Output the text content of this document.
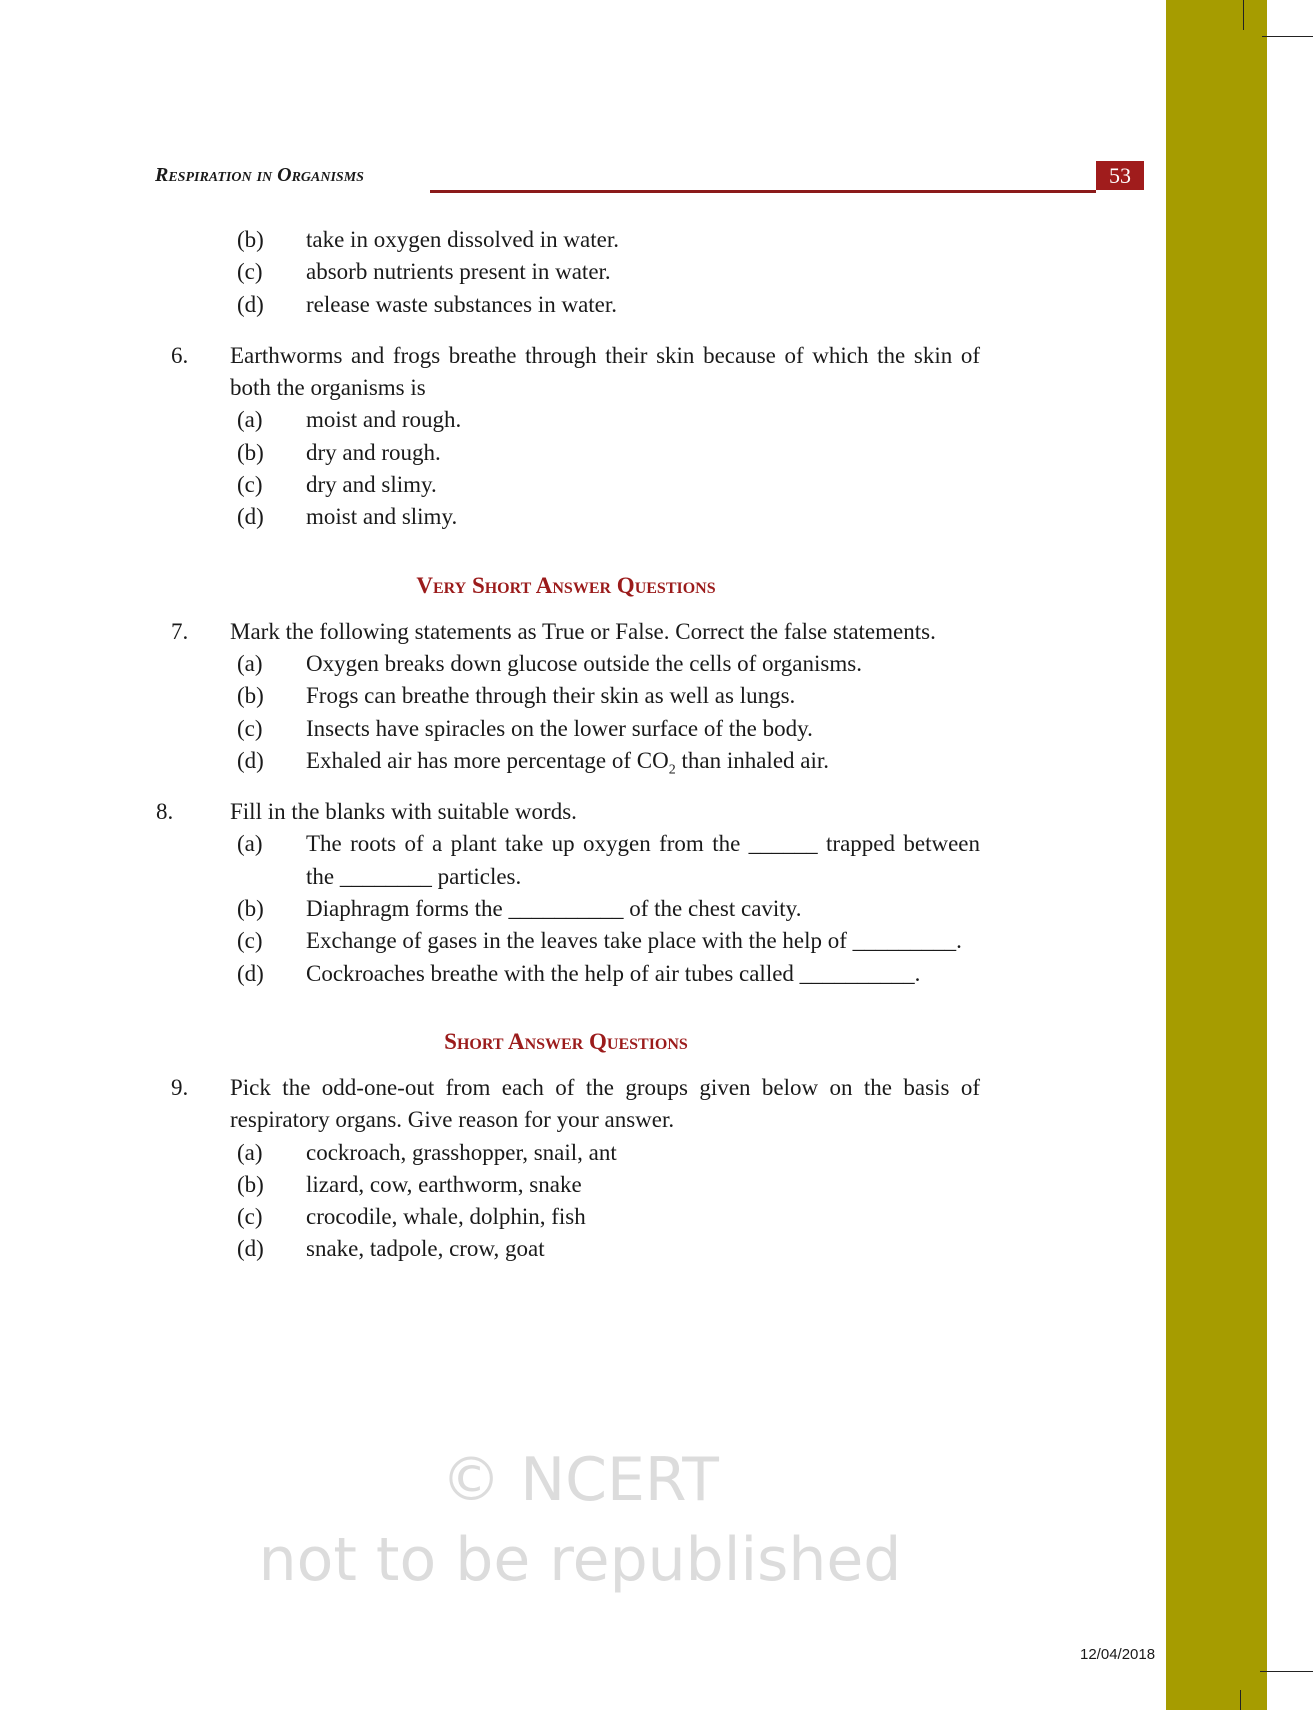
Respiration in Organisms	53
(b) take in oxygen dissolved in water.
(c) absorb nutrients present in water.
(d) release waste substances in water.
6. Earthworms and frogs breathe through their skin because of which the skin of both the organisms is
(a) moist and rough.
(b) dry and rough.
(c) dry and slimy.
(d) moist and slimy.
Very Short Answer Questions
7. Mark the following statements as True or False. Correct the false statements.
(a) Oxygen breaks down glucose outside the cells of organisms.
(b) Frogs can breathe through their skin as well as lungs.
(c) Insects have spiracles on the lower surface of the body.
(d) Exhaled air has more percentage of $CO_2$ than inhaled air.
8. Fill in the blanks with suitable words.
(a) The roots of a plant take up oxygen from the ______ trapped between the ________ particles.
(b) Diaphragm forms the __________ of the chest cavity.
(c) Exchange of gases in the leaves take place with the help of _________.
(d) Cockroaches breathe with the help of air tubes called __________.
Short Answer Questions
9. Pick the odd-one-out from each of the groups given below on the basis of respiratory organs. Give reason for your answer.
(a) cockroach, grasshopper, snail, ant
(b) lizard, cow, earthworm, snake
(c) crocodile, whale, dolphin, fish
(d) snake, tadpole, crow, goat
© NCERT
not to be republished
12/04/2018
